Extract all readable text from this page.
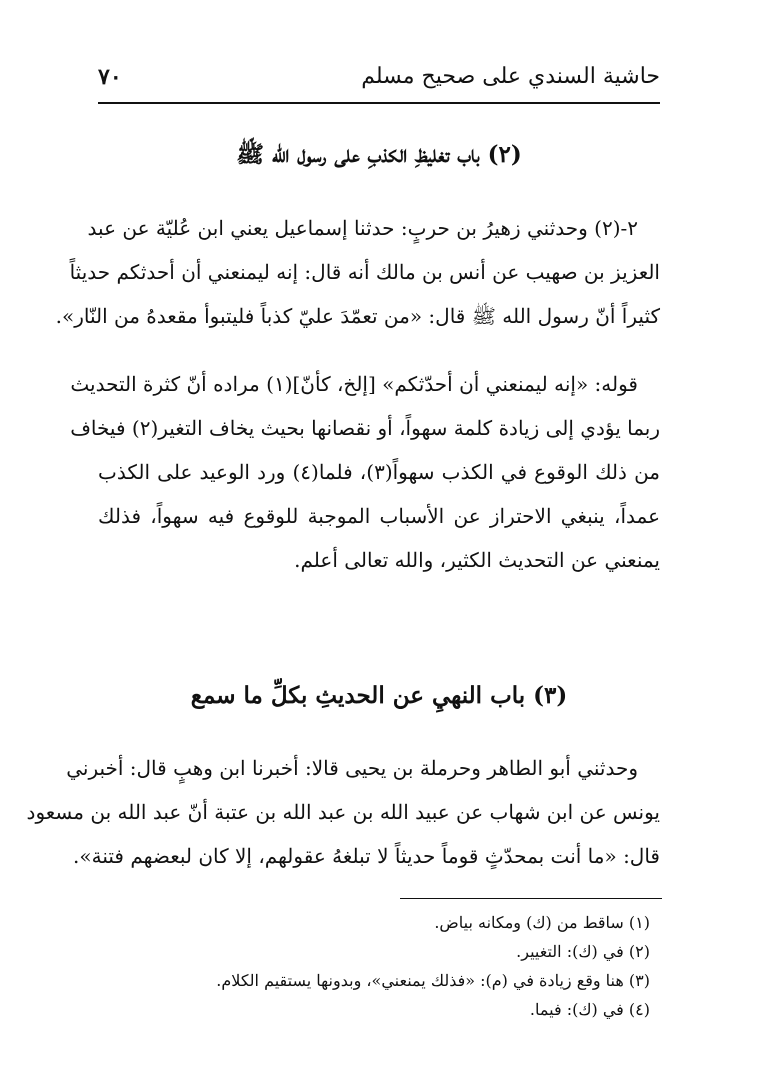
حاشية السندي على صحيح مسلم
٧٠
(٢) باب تغليظِ الكذبِ على رسول الله ﷺ
٢-(٢) وحدثني زهيرُ بن حربٍ: حدثنا إسماعيل يعني ابن عُليّة عن عبد
العزيز بن صهيب عن أنس بن مالك أنه قال: إنه ليمنعني أن أحدثكم حديثاً
كثيراً أنّ رسول الله ﷺ قال: «من تعمّدَ عليّ كذباً فليتبوأ مقعدهُ من النّار».
قوله: «إنه ليمنعني أن أحدّثكم» [إلخ، كأنّ](١) مراده أنّ كثرة التحديث
ربما يؤدي إلى زيادة كلمة سهواً، أو نقصانها بحيث يخاف التغير(٢) فيخاف
من ذلك الوقوع في الكذب سهواً(٣)، فلما(٤) ورد الوعيد على الكذب
عمداً، ينبغي الاحتراز عن الأسباب الموجبة للوقوع فيه سهواً، فذلك
يمنعني عن التحديث الكثير، والله تعالى أعلم.
(٣) باب النهيِ عن الحديثِ بكلِّ ما سمع
وحدثني أبو الطاهر وحرملة بن يحيى قالا: أخبرنا ابن وهبٍ قال: أخبرني
يونس عن ابن شهاب عن عبيد الله بن عبد الله بن عتبة أنّ عبد الله بن مسعود
قال: «ما أنت بمحدّثٍ قوماً حديثاً لا تبلغهُ عقولهم، إلا كان لبعضهم فتنة».
(١) ساقط من (ك) ومكانه بياض.
(٢) في (ك): التغيير.
(٣) هنا وقع زيادة في (م): «فذلك يمنعني»، وبدونها يستقيم الكلام.
(٤) في (ك): فيما.
